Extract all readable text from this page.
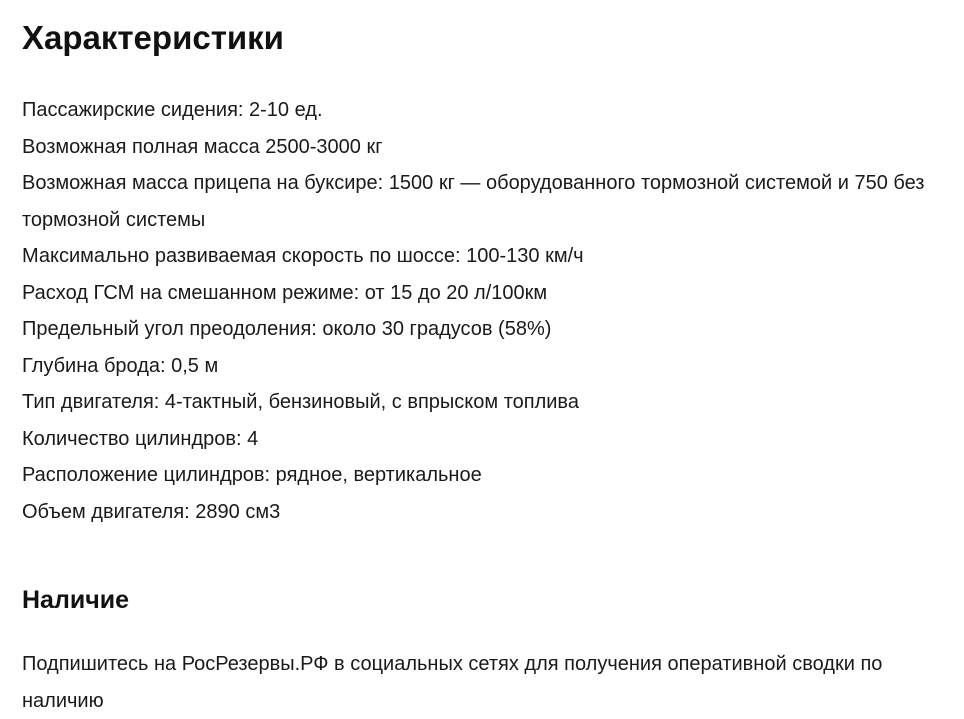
Характеристики
Пассажирские сидения: 2-10 ед.
Возможная полная масса 2500-3000 кг
Возможная масса прицепа на буксире: 1500 кг — оборудованного тормозной системой и 750 без тормозной системы
Максимально развиваемая скорость по шоссе: 100-130 км/ч
Расход ГСМ на смешанном режиме: от 15 до 20 л/100км
Предельный угол преодоления: около 30 градусов (58%)
Глубина брода: 0,5 м
Тип двигателя: 4-тактный, бензиновый, с впрыском топлива
Количество цилиндров: 4
Расположение цилиндров: рядное, вертикальное
Объем двигателя: 2890 см3
Наличие

Подпишитесь на РосРезервы.РФ в социальных сетях для получения оперативной сводки по наличию
